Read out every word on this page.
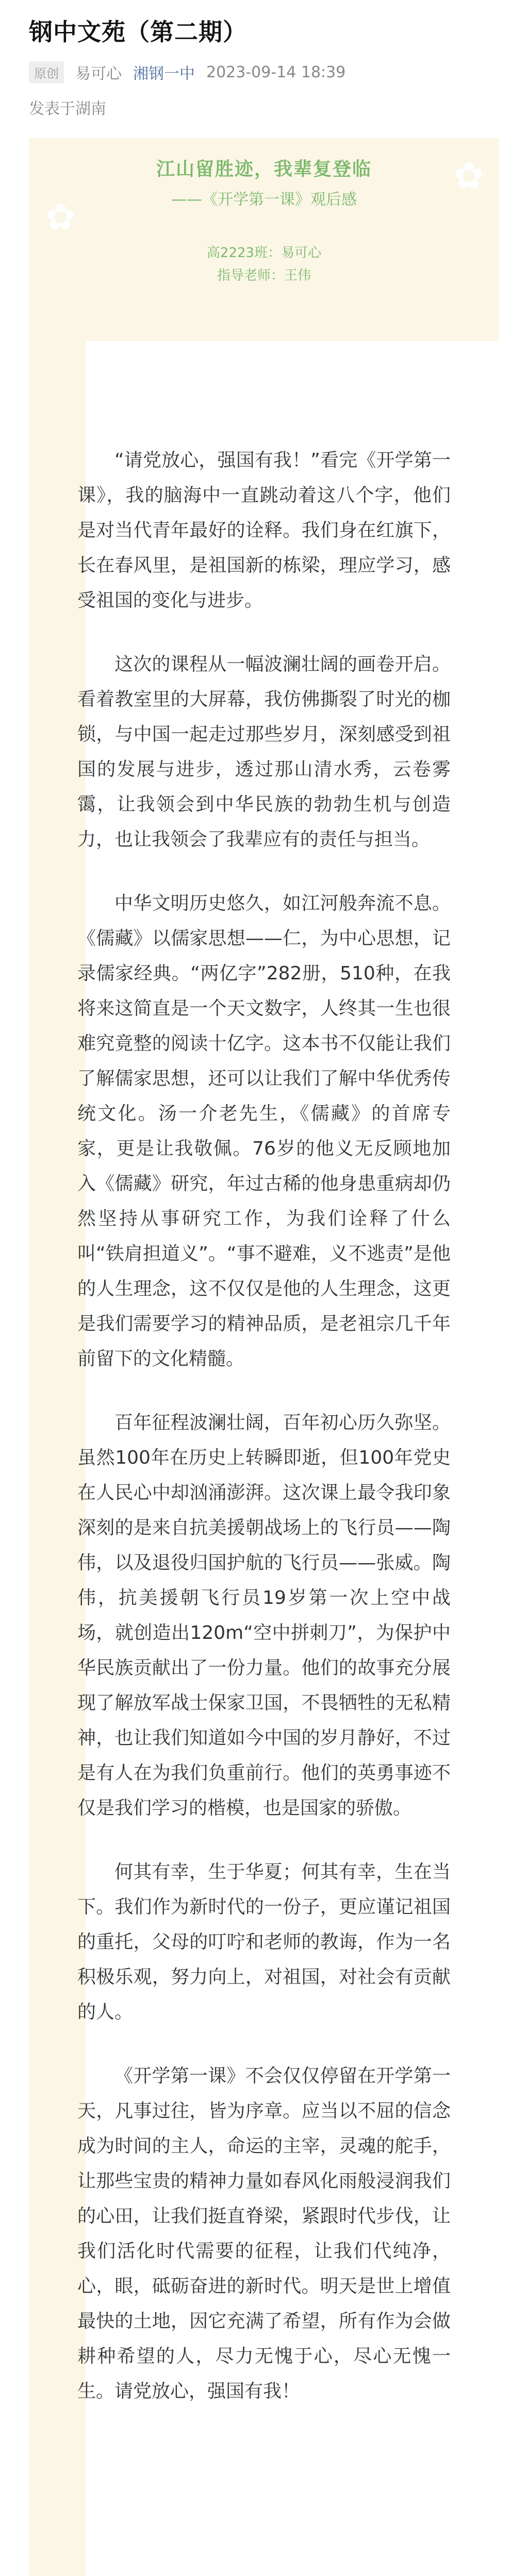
钢中文苑（第二期）
原创	易可心 湘钢一中 2023-09-14 18:39
发表于湖南
✿
✿
江山留胜迹，我辈复登临
——《开学第一课》观后感
高2223班：易可心
指导老师：王伟

“请党放心，强国有我！”看完《开学第一课》，我的脑海中一直跳动着这八个字，他们是对当代青年最好的诠释。我们身在红旗下，长在春风里，是祖国新的栋梁，理应学习，感受祖国的变化与进步。

这次的课程从一幅波澜壮阔的画卷开启。看着教室里的大屏幕，我仿佛撕裂了时光的枷锁，与中国一起走过那些岁月，深刻感受到祖国的发展与进步，透过那山清水秀，云卷雾霭，让我领会到中华民族的勃勃生机与创造力，也让我领会了我辈应有的责任与担当。

中华文明历史悠久，如江河般奔流不息。《儒藏》以儒家思想——仁，为中心思想，记录儒家经典。“两亿字”282册，510种，在我将来这简直是一个天文数字，人终其一生也很难究竟整的阅读十亿字。这本书不仅能让我们了解儒家思想，还可以让我们了解中华优秀传统文化。汤一介老先生，《儒藏》的首席专家，更是让我敬佩。76岁的他义无反顾地加入《儒藏》研究，年过古稀的他身患重病却仍然坚持从事研究工作，为我们诠释了什么叫“铁肩担道义”。“事不避难，义不逃责”是他的人生理念，这不仅仅是他的人生理念，这更是我们需要学习的精神品质，是老祖宗几千年前留下的文化精髓。

百年征程波澜壮阔，百年初心历久弥坚。虽然100年在历史上转瞬即逝，但100年党史在人民心中却汹涌澎湃。这次课上最令我印象深刻的是来自抗美援朝战场上的飞行员——陶伟，以及退役归国护航的飞行员——张威。陶伟，抗美援朝飞行员19岁第一次上空中战场，就创造出120m“空中拼刺刀”，为保护中华民族贡献出了一份力量。他们的故事充分展现了解放军战士保家卫国，不畏牺牲的无私精神，也让我们知道如今中国的岁月静好，不过是有人在为我们负重前行。他们的英勇事迹不仅是我们学习的楷模，也是国家的骄傲。

何其有幸，生于华夏；何其有幸，生在当下。我们作为新时代的一份子，更应谨记祖国的重托，父母的叮咛和老师的教诲，作为一名积极乐观，努力向上，对祖国，对社会有贡献的人。

《开学第一课》不会仅仅停留在开学第一天，凡事过往，皆为序章。应当以不屈的信念成为时间的主人，命运的主宰，灵魂的舵手，让那些宝贵的精神力量如春风化雨般浸润我们的心田，让我们挺直脊梁，紧跟时代步伐，让我们活化时代需要的征程，让我们代纯净，心，眼，砥砺奋进的新时代。明天是世上增值最快的土地，因它充满了希望，所有作为会做耕种希望的人，尽力无愧于心，尽心无愧一生。请党放心，强国有我！
